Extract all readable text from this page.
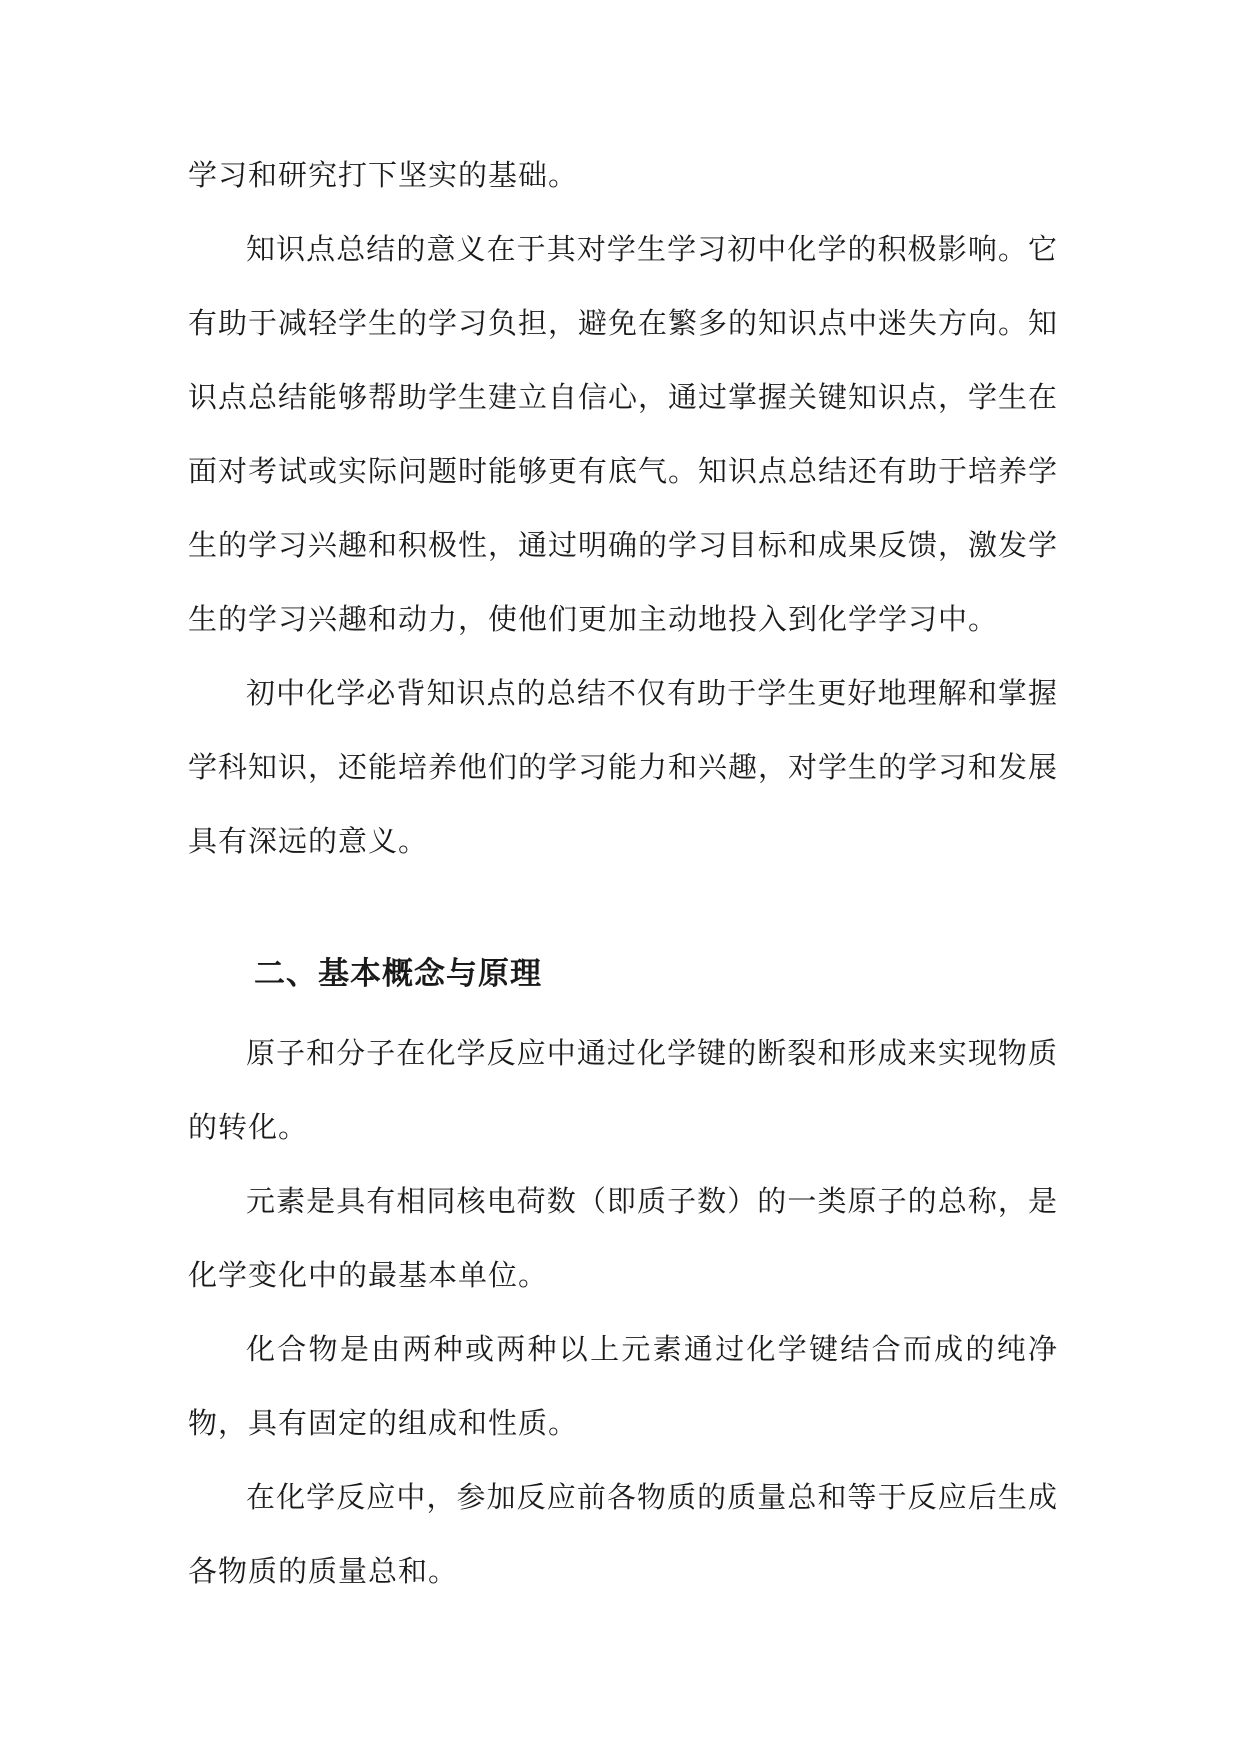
学习和研究打下坚实的基础。

知识点总结的意义在于其对学生学习初中化学的积极影响。它有助于减轻学生的学习负担，避免在繁多的知识点中迷失方向。知识点总结能够帮助学生建立自信心，通过掌握关键知识点，学生在面对考试或实际问题时能够更有底气。知识点总结还有助于培养学生的学习兴趣和积极性，通过明确的学习目标和成果反馈，激发学生的学习兴趣和动力，使他们更加主动地投入到化学学习中。

初中化学必背知识点的总结不仅有助于学生更好地理解和掌握学科知识，还能培养他们的学习能力和兴趣，对学生的学习和发展具有深远的意义。

二、基本概念与原理

原子和分子在化学反应中通过化学键的断裂和形成来实现物质的转化。

元素是具有相同核电荷数（即质子数）的一类原子的总称，是化学变化中的最基本单位。

化合物是由两种或两种以上元素通过化学键结合而成的纯净物，具有固定的组成和性质。

在化学反应中，参加反应前各物质的质量总和等于反应后生成各物质的质量总和。
